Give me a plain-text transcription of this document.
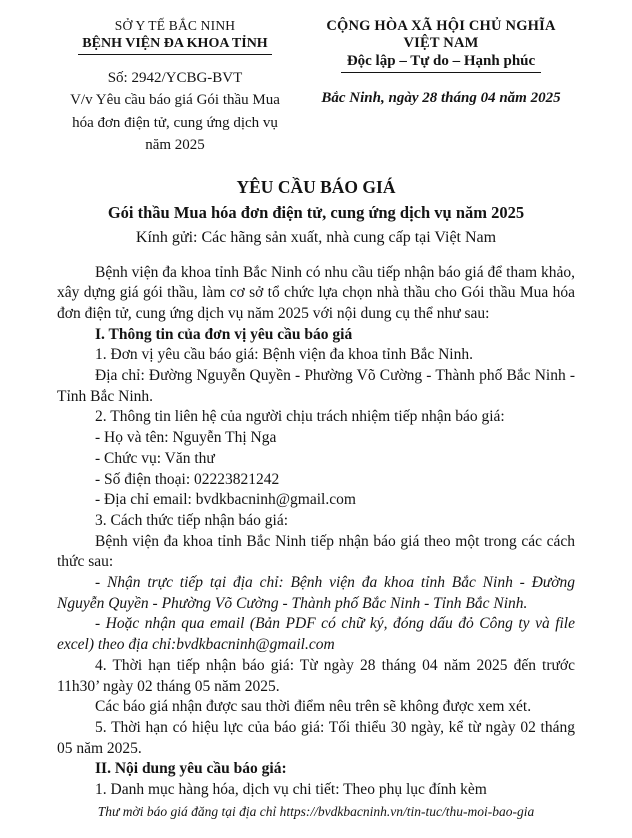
SỞ Y TẾ BẮC NINH
BỆNH VIỆN ĐA KHOA TỈNH
Số: 2942/YCBG-BVT
V/v Yêu cầu báo giá Gói thầu Mua hóa đơn điện tử, cung ứng dịch vụ năm 2025
CỘNG HÒA XÃ HỘI CHỦ NGHĨA VIỆT NAM
Độc lập – Tự do – Hạnh phúc
Bắc Ninh, ngày 28 tháng 04 năm 2025
YÊU CẦU BÁO GIÁ
Gói thầu Mua hóa đơn điện tử, cung ứng dịch vụ năm 2025
Kính gửi: Các hãng sản xuất, nhà cung cấp tại Việt Nam

Bệnh viện đa khoa tỉnh Bắc Ninh có nhu cầu tiếp nhận báo giá để tham khảo, xây dựng giá gói thầu, làm cơ sở tổ chức lựa chọn nhà thầu cho Gói thầu Mua hóa đơn điện tử, cung ứng dịch vụ năm 2025 với nội dung cụ thể như sau:

I. Thông tin của đơn vị yêu cầu báo giá

1. Đơn vị yêu cầu báo giá: Bệnh viện đa khoa tỉnh Bắc Ninh.

Địa chỉ: Đường Nguyễn Quyền - Phường Võ Cường - Thành phố Bắc Ninh - Tỉnh Bắc Ninh.

2. Thông tin liên hệ của người chịu trách nhiệm tiếp nhận báo giá:

- Họ và tên: Nguyễn Thị Nga

- Chức vụ: Văn thư

- Số điện thoại: 02223821242

- Địa chỉ email: bvdkbacninh@gmail.com

3. Cách thức tiếp nhận báo giá:

Bệnh viện đa khoa tỉnh Bắc Ninh tiếp nhận báo giá theo một trong các cách thức sau:

- Nhận trực tiếp tại địa chỉ: Bệnh viện đa khoa tỉnh Bắc Ninh - Đường Nguyễn Quyền - Phường Võ Cường - Thành phố Bắc Ninh - Tỉnh Bắc Ninh.

- Hoặc nhận qua email (Bản PDF có chữ ký, đóng dấu đỏ Công ty và file excel) theo địa chỉ:bvdkbacninh@gmail.com

4. Thời hạn tiếp nhận báo giá: Từ ngày 28 tháng 04 năm 2025 đến trước 11h30’ ngày 02 tháng 05 năm 2025.

Các báo giá nhận được sau thời điểm nêu trên sẽ không được xem xét.

5. Thời hạn có hiệu lực của báo giá: Tối thiểu 30 ngày, kể từ ngày 02 tháng 05 năm 2025.

II. Nội dung yêu cầu báo giá:

1. Danh mục hàng hóa, dịch vụ chi tiết: Theo phụ lục đính kèm

Thư mời báo giá đăng tại địa chỉ https://bvdkbacninh.vn/tin-tuc/thu-moi-bao-gia
